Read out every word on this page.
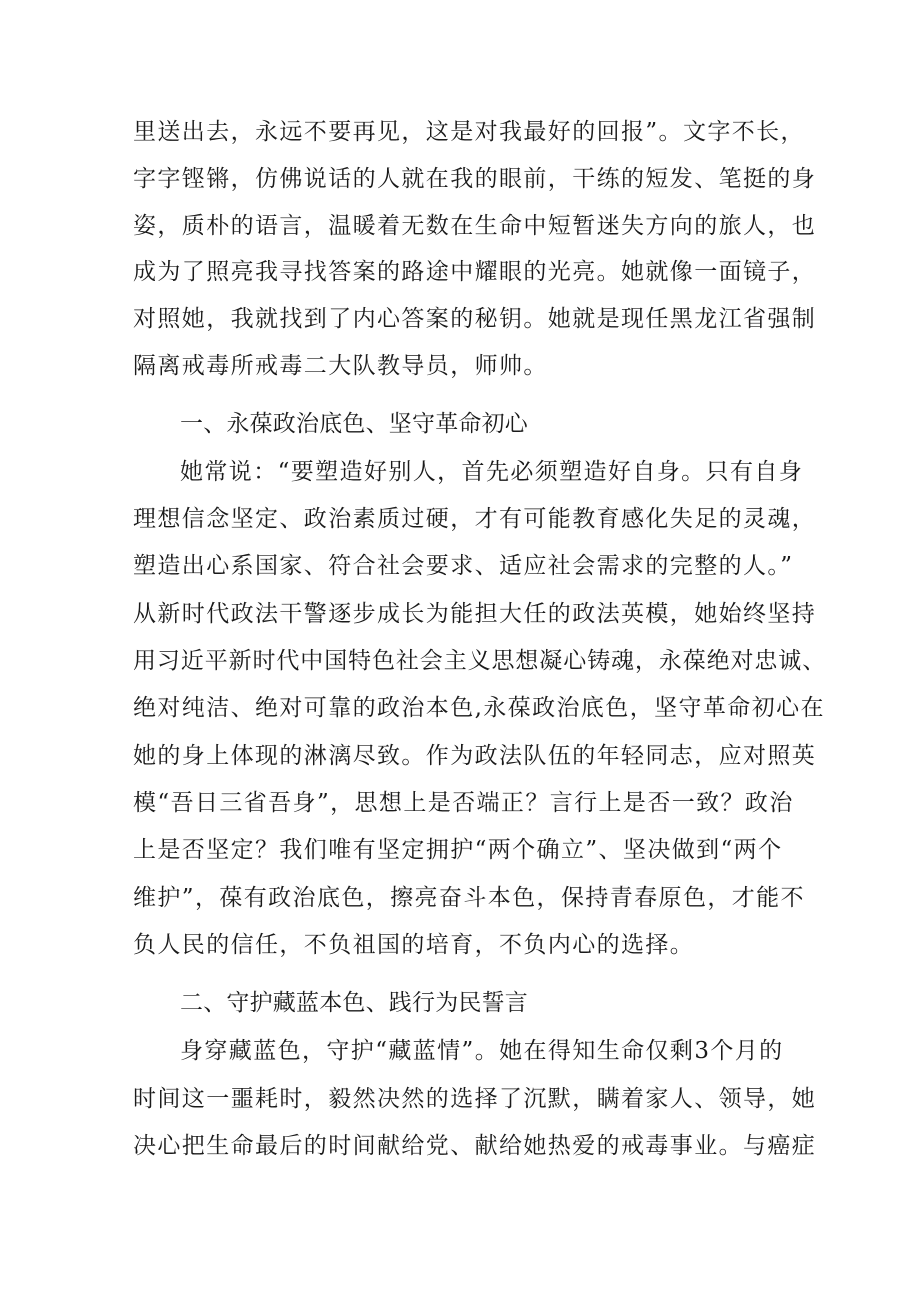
里送出去，永远不要再见，这是对我最好的回报”。文字不长，
字字铿锵，仿佛说话的人就在我的眼前，干练的短发、笔挺的身
姿，质朴的语言，温暖着无数在生命中短暂迷失方向的旅人，也
成为了照亮我寻找答案的路途中耀眼的光亮。她就像一面镜子，
对照她，我就找到了内心答案的秘钥。她就是现任黑龙江省强制
隔离戒毒所戒毒二大队教导员，师帅。
一、永葆政治底色、坚守革命初心
她常说：“要塑造好别人，首先必须塑造好自身。只有自身
理想信念坚定、政治素质过硬，才有可能教育感化失足的灵魂，
塑造出心系国家、符合社会要求、适应社会需求的完整的人。”
从新时代政法干警逐步成长为能担大任的政法英模，她始终坚持
用习近平新时代中国特色社会主义思想凝心铸魂，永葆绝对忠诚、
绝对纯洁、绝对可靠的政治本色,永葆政治底色，坚守革命初心在
她的身上体现的淋漓尽致。作为政法队伍的年轻同志，应对照英
模“吾日三省吾身”，思想上是否端正？言行上是否一致？政治
上是否坚定？我们唯有坚定拥护“两个确立”、坚决做到“两个
维护”，葆有政治底色，擦亮奋斗本色，保持青春原色，才能不
负人民的信任，不负祖国的培育，不负内心的选择。
二、守护藏蓝本色、践行为民誓言
身穿藏蓝色，守护“藏蓝情”。她在得知生命仅剩3个月的
时间这一噩耗时，毅然决然的选择了沉默，瞒着家人、领导，她
决心把生命最后的时间献给党、献给她热爱的戒毒事业。与癌症
